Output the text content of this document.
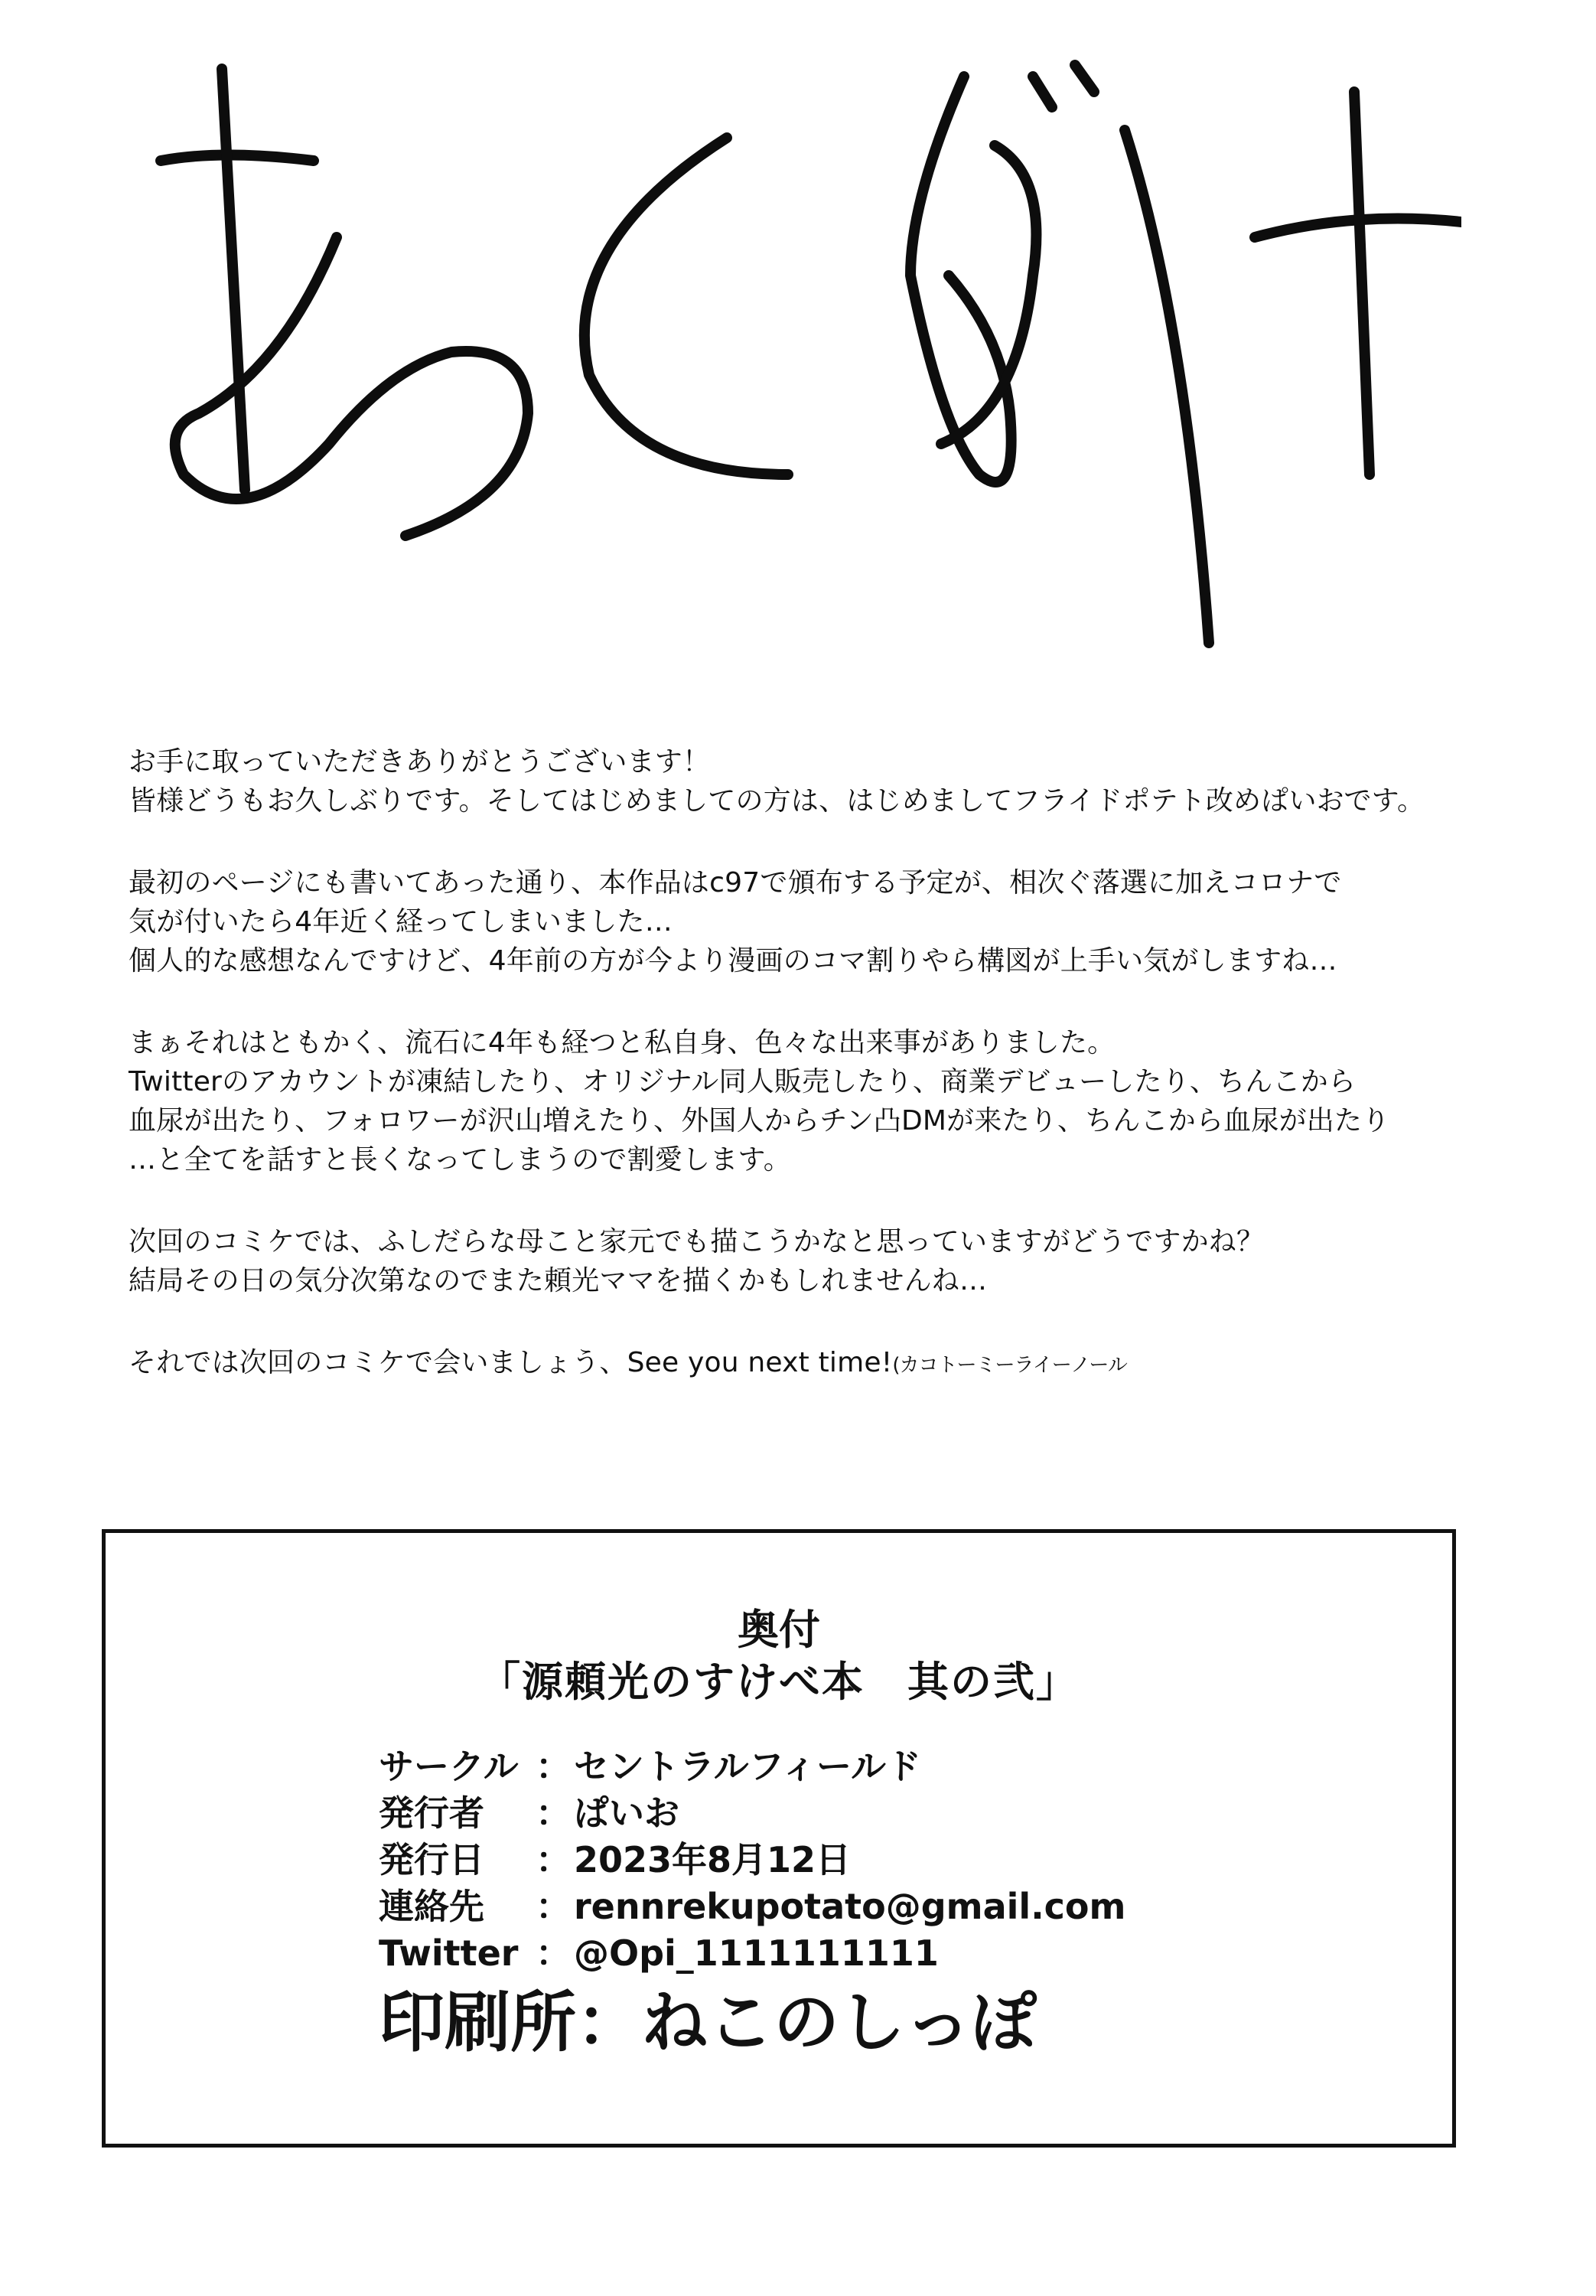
お手に取っていただきありがとうございます！
皆様どうもお久しぶりです。そしてはじめましての方は、はじめましてフライドポテト改めぱいおです。
最初のページにも書いてあった通り、本作品はc97で頒布する予定が、相次ぐ落選に加えコロナで
気が付いたら4年近く経ってしまいました…
個人的な感想なんですけど、4年前の方が今より漫画のコマ割りやら構図が上手い気がしますね…
まぁそれはともかく、流石に4年も経つと私自身、色々な出来事がありました。
Twitterのアカウントが凍結したり、オリジナル同人販売したり、商業デビューしたり、ちんこから
血尿が出たり、フォロワーが沢山増えたり、外国人からチン凸DMが来たり、ちんこから血尿が出たり
…と全てを話すと長くなってしまうので割愛します。
次回のコミケでは、ふしだらな母こと家元でも描こうかなと思っていますがどうですかね？
結局その日の気分次第なのでまた頼光ママを描くかもしれませんね…
それでは次回のコミケで会いましょう、See you next time!(カコトーミーライーノール
奥付
「源頼光のすけべ本　其の弐」
サークル ：セントラルフィールド
発行者 ：ぱいお
発行日 ：2023年8月12日
連絡先 ：rennrekupotato@gmail.com
Twitter ：@Opi_1111111111
印刷所：ねこのしっぽ
